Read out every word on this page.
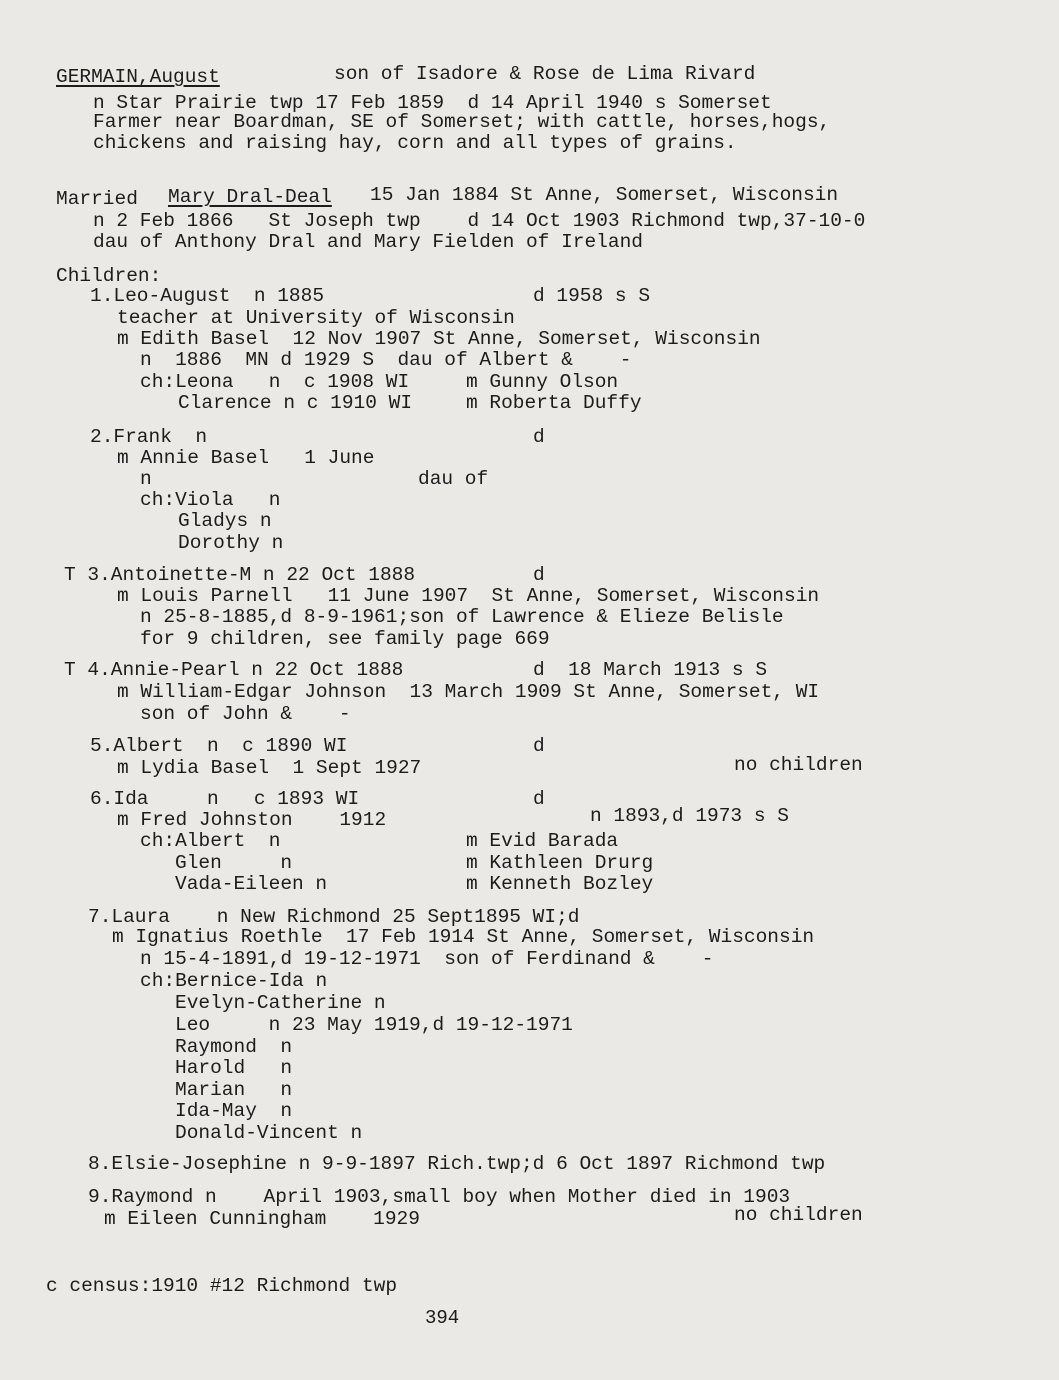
GERMAIN,August	son of Isadore & Rose de Lima Rivard
n Star Prairie twp 17 Feb 1859  d 14 April 1940 s Somerset
Farmer near Boardman, SE of Somerset; with cattle, horses,hogs,
chickens and raising hay, corn and all types of grains.
Married Mary Dral-Deal 15 Jan 1884 St Anne, Somerset, Wisconsin
n 2 Feb 1866   St Joseph twp    d 14 Oct 1903 Richmond twp,37-10-0
dau of Anthony Dral and Mary Fielden of Ireland
Children:
1.Leo-August  n 1885	d 1958 s S
teacher at University of Wisconsin
m Edith Basel  12 Nov 1907 St Anne, Somerset, Wisconsin
n  1886  MN d 1929 S  dau of Albert &    -
ch:Leona   n  c 1908 WI	m Gunny Olson
Clarence n c 1910 WI	m Roberta Duffy
2.Frank  n	d
m Annie Basel   1 June
n	dau of
ch:Viola   n
Gladys n
Dorothy n
T 3.Antoinette-M n 22 Oct 1888	d
m Louis Parnell   11 June 1907  St Anne, Somerset, Wisconsin
n 25-8-1885,d 8-9-1961;son of Lawrence & Elieze Belisle
for 9 children, see family page 669
T 4.Annie-Pearl n 22 Oct 1888	d  18 March 1913 s S
m William-Edgar Johnson  13 March 1909 St Anne, Somerset, WI
son of John &    -
5.Albert  n  c 1890 WI	d
m Lydia Basel  1 Sept 1927	no children
6.Ida     n   c 1893 WI	d
m Fred Johnston    1912	n 1893,d 1973 s S
ch:Albert  n	m Evid Barada
Glen     n	m Kathleen Drurg
Vada-Eileen n	m Kenneth Bozley
7.Laura    n New Richmond 25 Sept1895 WI;d
m Ignatius Roethle  17 Feb 1914 St Anne, Somerset, Wisconsin
n 15-4-1891,d 19-12-1971  son of Ferdinand &    -
ch:Bernice-Ida n
Evelyn-Catherine n
Leo     n 23 May 1919,d 19-12-1971
Raymond  n
Harold   n
Marian   n
Ida-May  n
Donald-Vincent n
8.Elsie-Josephine n 9-9-1897 Rich.twp;d 6 Oct 1897 Richmond twp
9.Raymond n    April 1903,small boy when Mother died in 1903
m Eileen Cunningham    1929	no children
c census:1910 #12 Richmond twp
394
